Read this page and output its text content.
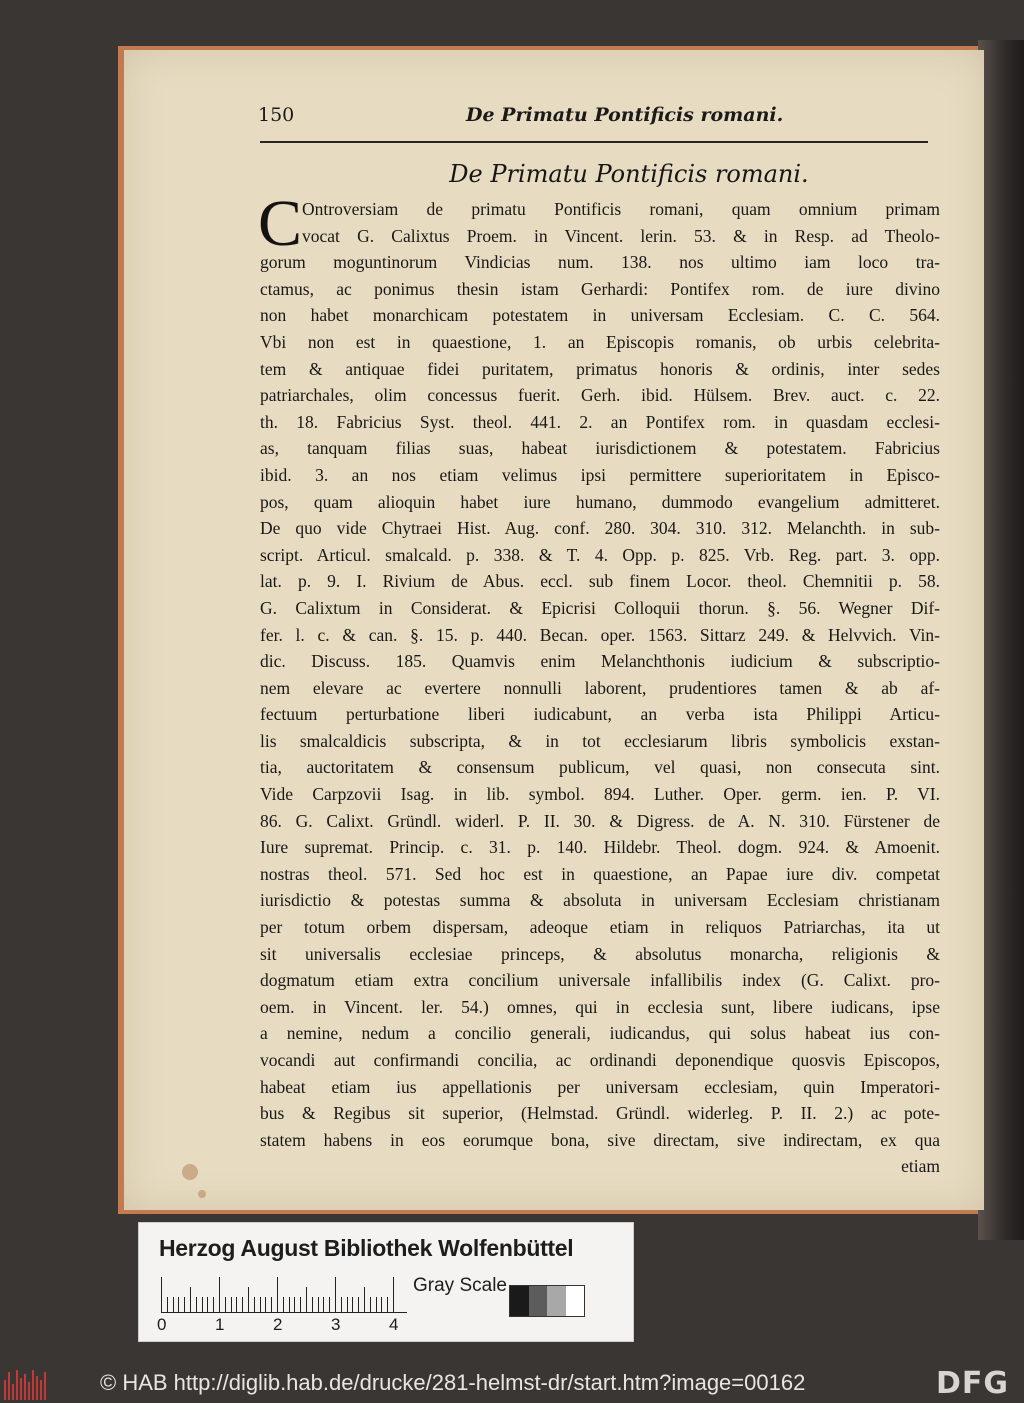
150	De Primatu Pontificis romani.
De Primatu Pontificis romani.
C Ontroversiam de primatu Pontificis romani, quam omnium primam
vocat G. Calixtus Proem. in Vincent. lerin. 53. & in Resp. ad Theolo-
gorum moguntinorum Vindicias num. 138. nos ultimo iam loco tra-
ctamus, ac ponimus thesin istam Gerhardi: Pontifex rom. de iure divino
non habet monarchicam potestatem in universam Ecclesiam. C. C. 564.
Vbi non est in quaestione, 1. an Episcopis romanis, ob urbis celebrita-
tem & antiquae fidei puritatem, primatus honoris & ordinis, inter sedes
patriarchales, olim concessus fuerit. Gerh. ibid. Hülsem. Brev. auct. c. 22.
th. 18. Fabricius Syst. theol. 441. 2. an Pontifex rom. in quasdam ecclesi-
as, tanquam filias suas, habeat iurisdictionem & potestatem. Fabricius
ibid. 3. an nos etiam velimus ipsi permittere superioritatem in Episco-
pos, quam alioquin habet iure humano, dummodo evangelium admitteret.
De quo vide Chytraei Hist. Aug. conf. 280. 304. 310. 312. Melanchth. in sub-
script. Articul. smalcald. p. 338. & T. 4. Opp. p. 825. Vrb. Reg. part. 3. opp.
lat. p. 9. I. Rivium de Abus. eccl. sub finem Locor. theol. Chemnitii p. 58.
G. Calixtum in Considerat. & Epicrisi Colloquii thorun. §. 56. Wegner Dif-
fer. l. c. & can. §. 15. p. 440. Becan. oper. 1563. Sittarz 249. & Helvvich. Vin-
dic. Discuss. 185. Quamvis enim Melanchthonis iudicium & subscriptio-
nem elevare ac evertere nonnulli laborent, prudentiores tamen & ab af-
fectuum perturbatione liberi iudicabunt, an verba ista Philippi Articu-
lis smalcaldicis subscripta, & in tot ecclesiarum libris symbolicis exstan-
tia, auctoritatem & consensum publicum, vel quasi, non consecuta sint.
Vide Carpzovii Isag. in lib. symbol. 894. Luther. Oper. germ. ien. P. VI.
86. G. Calixt. Gründl. widerl. P. II. 30. & Digress. de A. N. 310. Fürstener de
Iure supremat. Princip. c. 31. p. 140. Hildebr. Theol. dogm. 924. & Amoenit.
nostras theol. 571. Sed hoc est in quaestione, an Papae iure div. competat
iurisdictio & potestas summa & absoluta in universam Ecclesiam christianam
per totum orbem dispersam, adeoque etiam in reliquos Patriarchas, ita ut
sit universalis ecclesiae princeps, & absolutus monarcha, religionis &
dogmatum etiam extra concilium universale infallibilis index (G. Calixt. pro-
oem. in Vincent. ler. 54.) omnes, qui in ecclesia sunt, libere iudicans, ipse
a nemine, nedum a concilio generali, iudicandus, qui solus habeat ius con-
vocandi aut confirmandi concilia, ac ordinandi deponendique quosvis Episcopos,
habeat etiam ius appellationis per universam ecclesiam, quin Imperatori-
bus & Regibus sit superior, (Helmstad. Gründl. widerleg. P. II. 2.) ac pote-
statem habens in eos eorumque bona, sive directam, sive indirectam, ex qua
etiam
Herzog August Bibliothek Wolfenbüttel
0	1	2	3	4
Gray Scale
© HAB http://diglib.hab.de/drucke/281-helmst-dr/start.htm?image=00162	DFG
